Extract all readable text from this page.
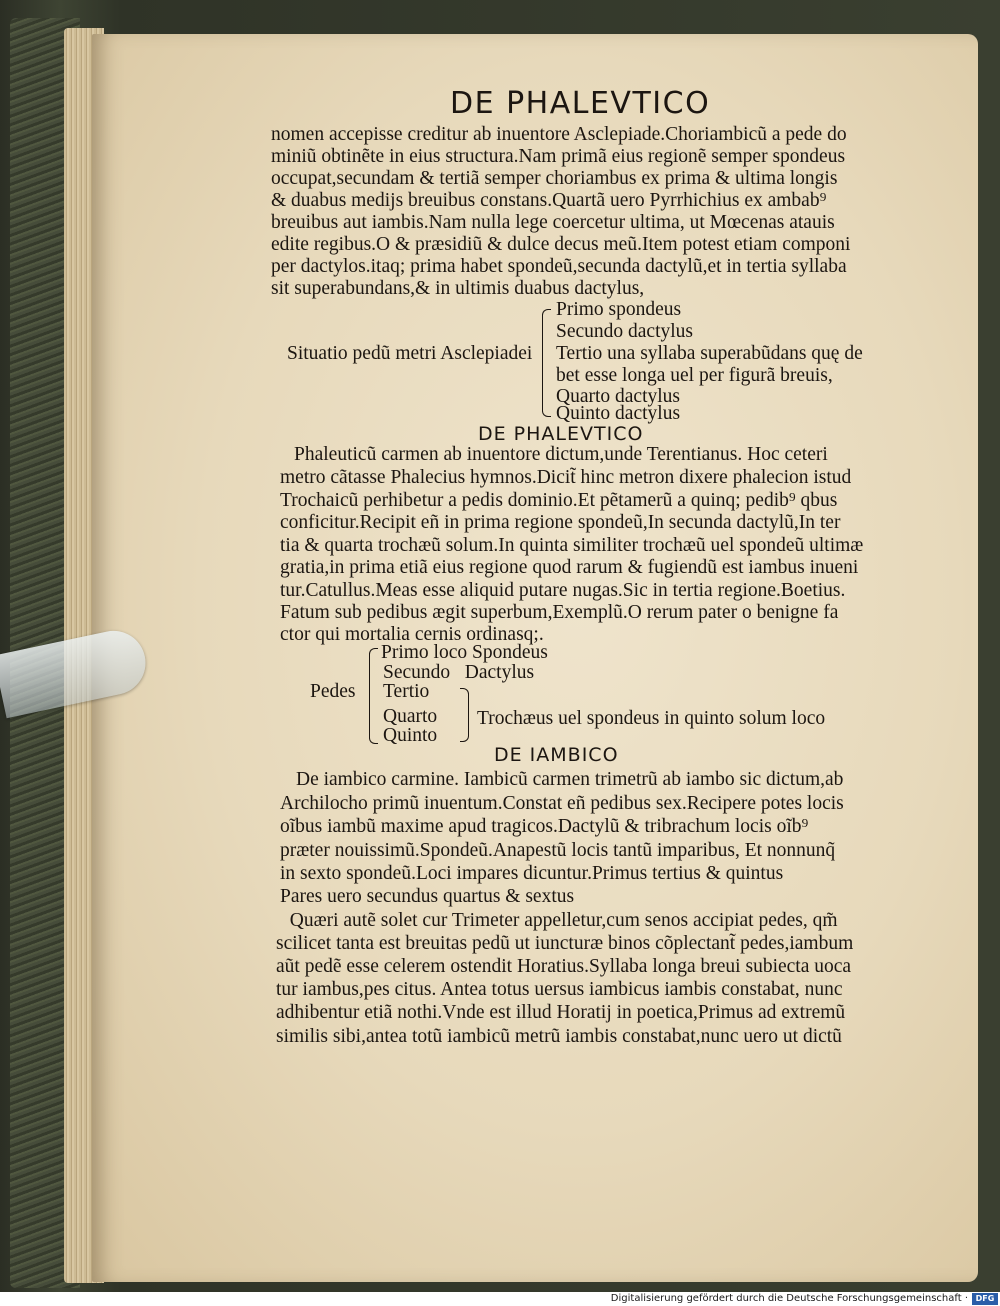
DE PHALEVTICO
nomen accepisse creditur ab inuentore Asclepiade.Choriambicũ a pede do
miniũ obtinẽte in eius structura.Nam primã eius regionẽ semper spondeus
occupat,secundam & tertiã semper choriambus ex prima & ultima longis
& duabus medijs breuibus constans.Quartã uero Pyrrhichius ex ambab⁹
breuibus aut iambis.Nam nulla lege coercetur ultima, ut Mœcenas atauis
edite regibus.O & præsidiũ & dulce decus meũ.Item potest etiam componi
per dactylos.itaq; prima habet spondeũ,secunda dactylũ,et in tertia syllaba
sit superabundans,& in ultimis duabus dactylus,
Situatio pedũ metri Asclepiadei
Primo spondeus
Secundo dactylus
Tertio una syllaba superabũdans quę de
bet esse longa uel per figurã breuis,
Quarto dactylus
Quinto dactylus
DE PHALEVTICO
Phaleuticũ carmen ab inuentore dictum,unde Terentianus. Hoc ceteri
metro cãtasse Phalecius hymnos.Dicit̃ hinc metron dixere phalecion istud
Trochaicũ perhibetur a pedis dominio.Et pẽtamerũ a quinq; pedib⁹ qbus
conficitur.Recipit eñ in prima regione spondeũ,In secunda dactylũ,In ter
tia & quarta trochæũ solum.In quinta similiter trochæũ uel spondeũ ultimæ
gratia,in prima etiã eius regione quod rarum & fugiendũ est iambus inueni
tur.Catullus.Meas esse aliquid putare nugas.Sic in tertia regione.Boetius.
Fatum sub pedibus ægit superbum,Exemplũ.O rerum pater o benigne fa
ctor qui mortalia cernis ordinasq;.
Pedes
Primo loco Spondeus
Secundo   Dactylus
Tertio
Quarto
Quinto
Trochæus uel spondeus in quinto solum loco
DE IAMBICO
De iambico carmine. Iambicũ carmen trimetrũ ab iambo sic dictum,ab
Archilocho primũ inuentum.Constat eñ pedibus sex.Recipere potes locis
oĩbus iambũ maxime apud tragicos.Dactylũ & tribrachum locis oĩb⁹
præter nouissimũ.Spondeũ.Anapestũ locis tantũ imparibus, Et nonnunq̃
in sexto spondeũ.Loci impares dicuntur.Primus tertius & quintus
Pares uero secundus quartus & sextus
Quæri autẽ solet cur Trimeter appelletur,cum senos accipiat pedes, qm̃
scilicet tanta est breuitas pedũ ut iuncturæ binos cõplectant̃ pedes,iambum
aũt pedẽ esse celerem ostendit Horatius.Syllaba longa breui subiecta uoca
tur iambus,pes citus. Antea totus uersus iambicus iambis constabat, nunc
adhibentur etiã nothi.Vnde est illud Horatij in poetica,Primus ad extremũ
similis sibi,antea totũ iambicũ metrũ iambis constabat,nunc uero ut dictũ
Digitalisierung gefördert durch die Deutsche Forschungsgemeinschaft · DFG
